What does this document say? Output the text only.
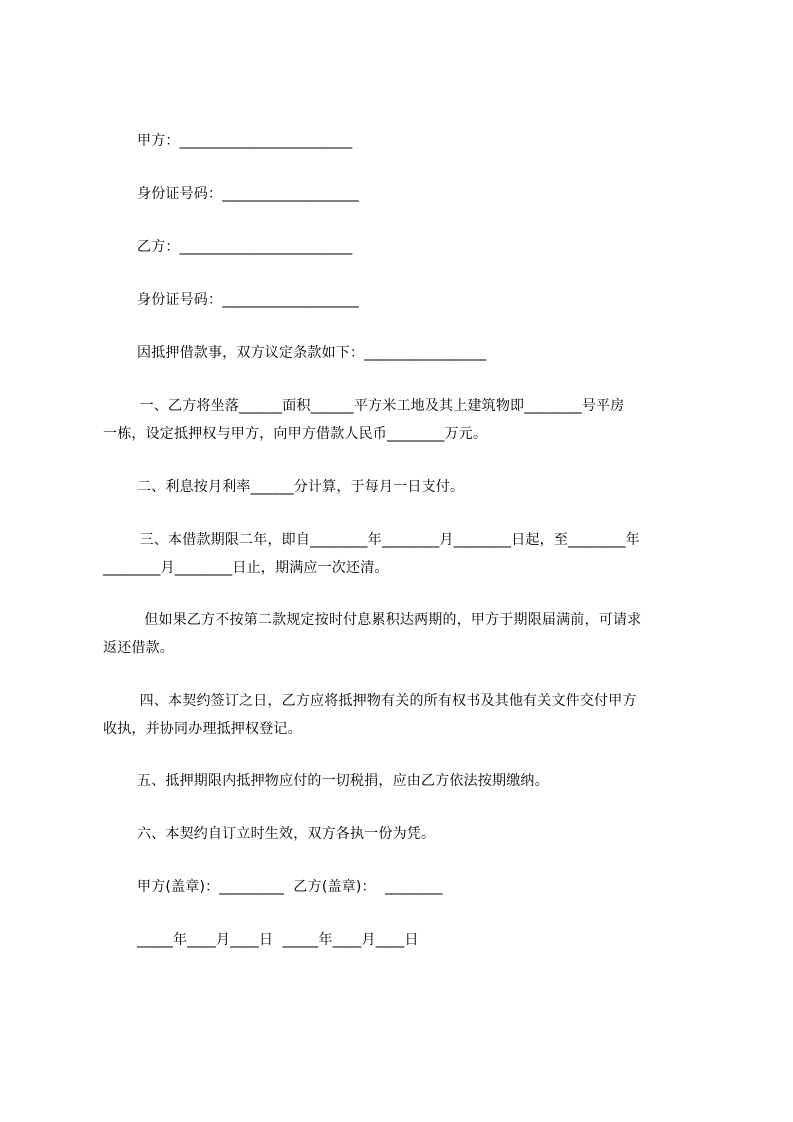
甲方：________________________
身份证号码：___________________
乙方：________________________
身份证号码：___________________
因抵押借款事，双方议定条款如下：_________________
一、乙方将坐落______面积______平方米工地及其上建筑物即________号平房
一栋，设定抵押权与甲方，向甲方借款人民币________万元。
二、利息按月利率______分计算，于每月一日支付。
三、本借款期限二年，即自________年________月________日起，至________年
________月________日止，期满应一次还清。
但如果乙方不按第二款规定按时付息累积达两期的，甲方于期限届满前，可请求
返还借款。
四、本契约签订之日，乙方应将抵押物有关的所有权书及其他有关文件交付甲方
收执，并协同办理抵押权登记。
五、抵押期限内抵押物应付的一切税捐，应由乙方依法按期缴纳。
六、本契约自订立时生效，双方各执一份为凭。
甲方(盖章)：_________  乙方(盖章)：  ________
_____年____月____日  _____年____月____日
